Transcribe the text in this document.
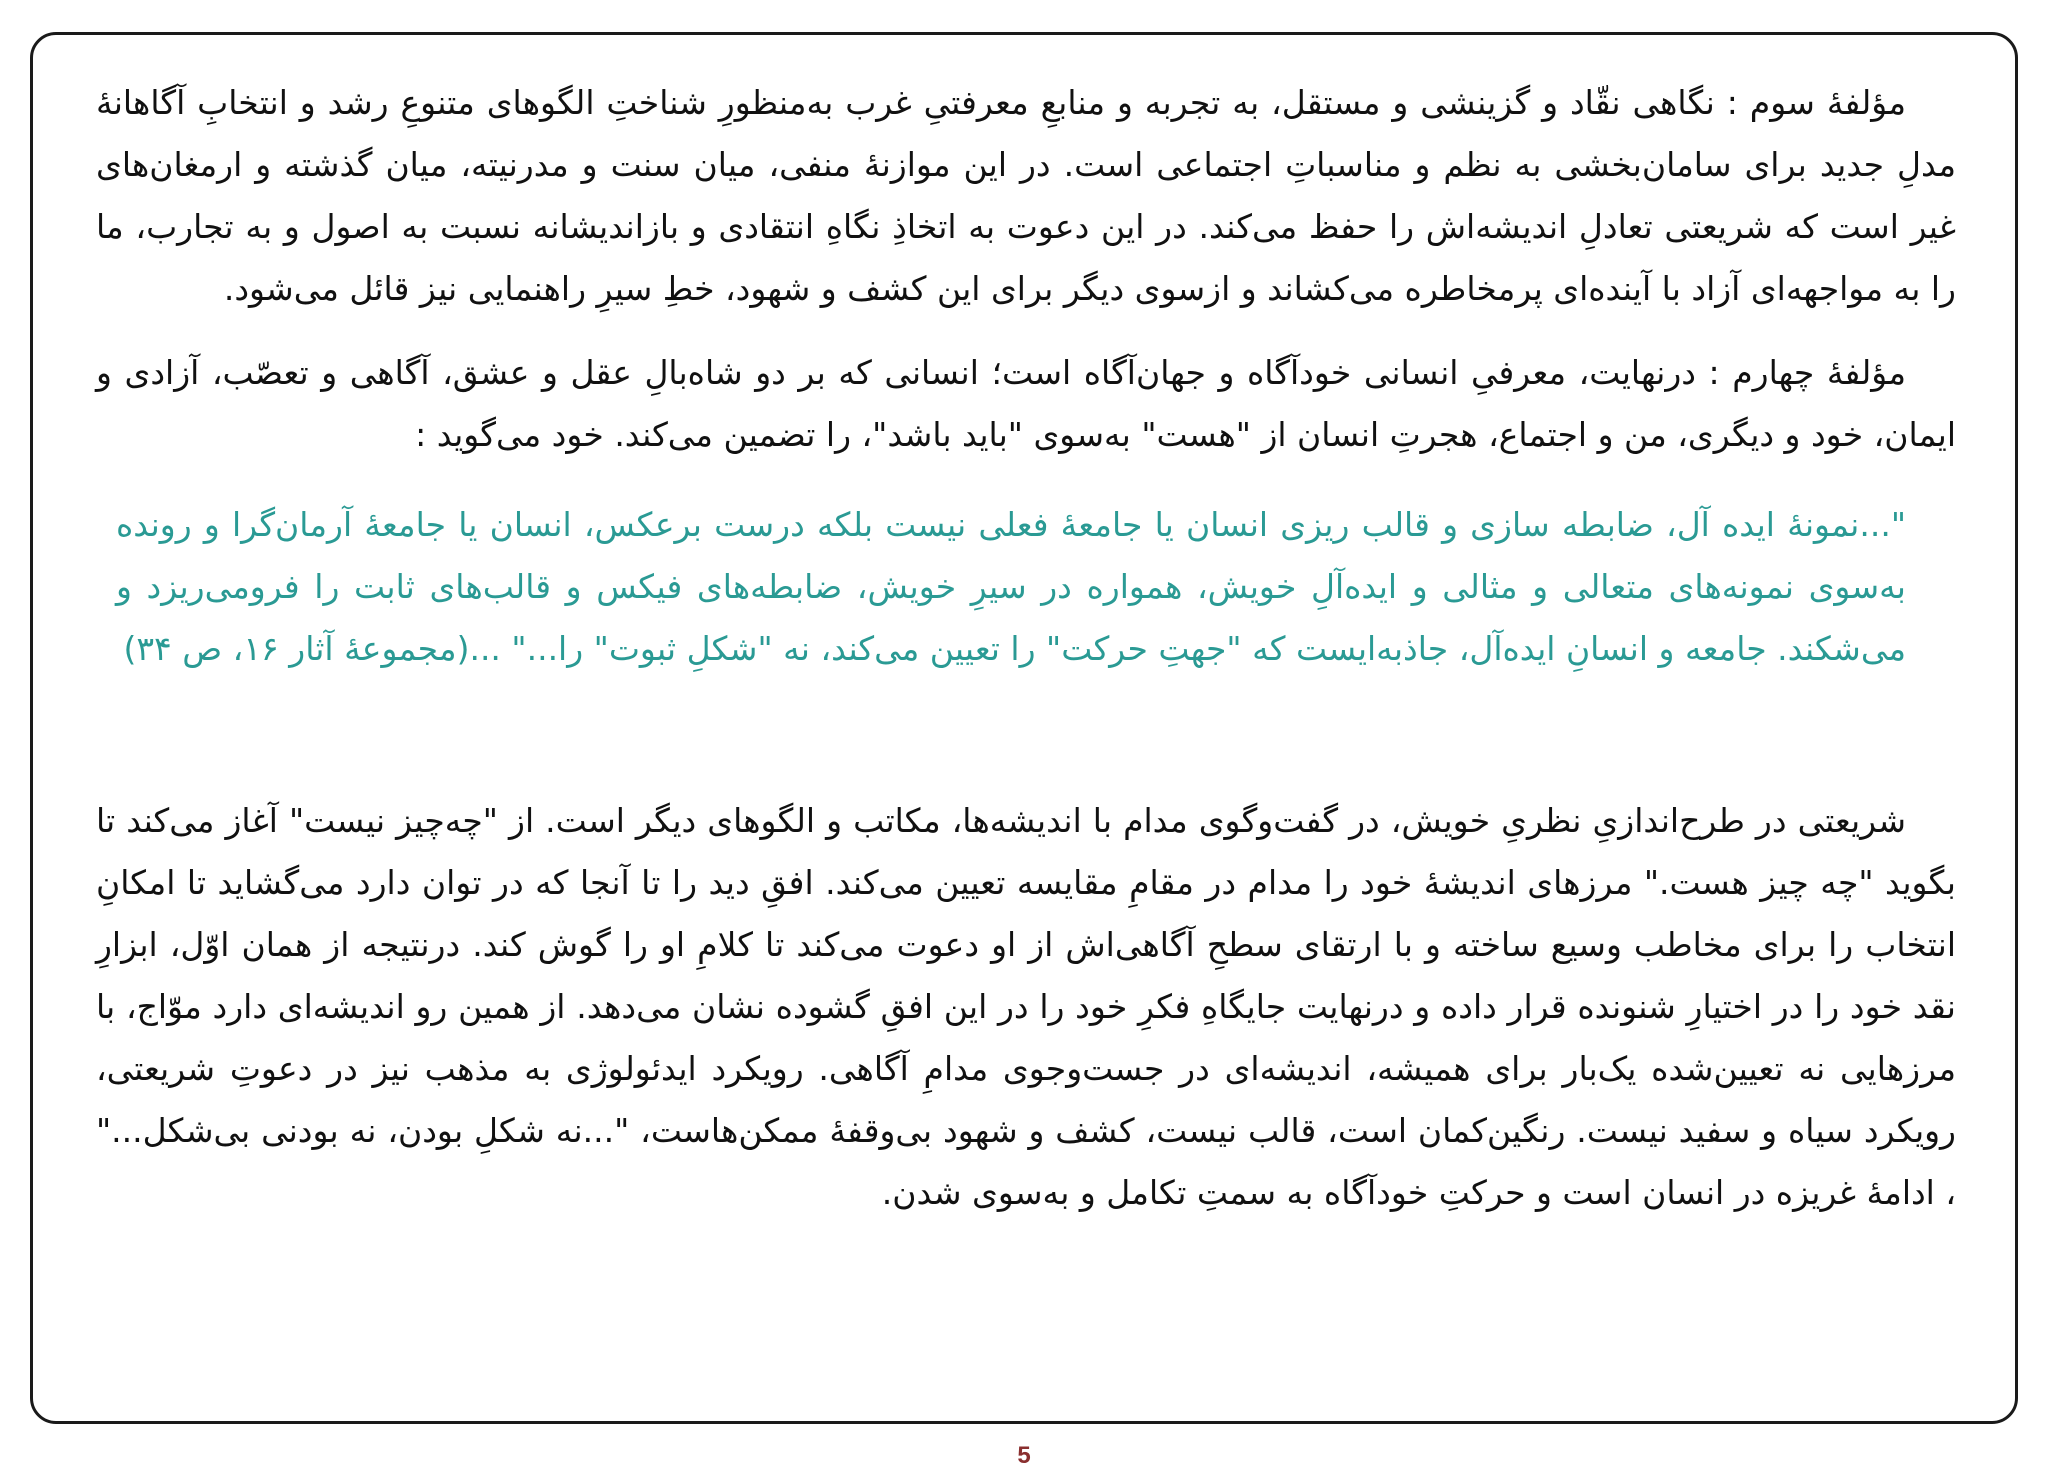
مؤلفۀ سوم : نگاهی نقّاد و گزینشی و مستقل، به تجربه و منابعِ معرفتیِ غرب به‌منظورِ شناختِ الگوهای متنوعِ رشد و انتخابِ آگاهانۀ مدلِ جدید برای سامان‌بخشی به نظم و مناسباتِ اجتماعی است. در این موازنۀ منفی، میان سنت و مدرنیته، میان گذشته و ارمغان‌های غیر است که شریعتی تعادلِ اندیشه‌اش را حفظ می‌کند. در این دعوت به اتخاذِ نگاهِ انتقادی و بازاندیشانه نسبت به اصول و به تجارب، ما را به مواجهه‌ای آزاد با آینده‌ای پرمخاطره می‌کشاند و ازسوی دیگر برای این کشف و شهود، خطِ سیرِ راهنمایی نیز قائل می‌شود.

مؤلفۀ چهارم : درنهایت، معرفیِ انسانی خودآگاه و جهان‌آگاه است؛ انسانی که بر دو شاه‌بالِ عقل و عشق، آگاهی و تعصّب، آزادی و ایمان، خود و دیگری، من و اجتماع، هجرتِ انسان از "هست" به‌سوی "باید باشد"، را تضمین می‌کند. خود می‌گوید :

"...نمونۀ ایده آل، ضابطه سازی و قالب ریزی انسان یا جامعۀ فعلی نیست بلکه درست برعکس، انسان یا جامعۀ آرمان‌گرا و رونده به‌سوی نمونه‌های متعالی و مثالی و ایده‌آلِ خویش، همواره در سیرِ خویش، ضابطه‌های فیکس و قالب‌های ثابت را فرومی‌ریزد و می‌شکند. جامعه و انسانِ ایده‌آل، جاذبه‌ایست که "جهتِ حرکت" را تعیین می‌کند، نه "شکلِ ثبوت" را..." ...(مجموعۀ آثار ۱۶، ص ۳۴)

شریعتی در طرح‌اندازیِ نظریِ خویش، در گفت‌وگوی مدام با اندیشه‌ها، مکاتب و الگوهای دیگر است. از "چه‌چیز نیست" آغاز می‌کند تا بگوید "چه چیز هست." مرزهای اندیشۀ خود را مدام در مقامِ مقایسه تعیین می‌کند. افقِ دید را تا آنجا که در توان دارد می‌گشاید تا امکانِ انتخاب را برای مخاطب وسیع ساخته و با ارتقای سطحِ آگاهی‌اش از او دعوت می‌کند تا کلامِ او را گوش کند. درنتیجه از همان اوّل، ابزارِ نقد خود را در اختیارِ شنونده قرار داده و درنهایت جایگاهِ فکرِ خود را در این افقِ گشوده نشان می‌دهد. از همین رو اندیشه‌ای دارد موّاج، با مرزهایی نه تعیین‌شده یک‌بار برای همیشه، اندیشه‌ای در جست‌وجوی مدامِ آگاهی. رویکرد ایدئولوژی به مذهب نیز در دعوتِ شریعتی، رویکرد سیاه و سفید نیست. رنگین‌کمان است، قالب نیست، کشف و شهود بی‌وقفۀ ممکن‌هاست، "...نه شکلِ بودن، نه بودنی بی‌شکل..." ، ادامۀ غریزه در انسان است و حرکتِ خودآگاه به سمتِ تکامل و به‌سوی شدن.

5
